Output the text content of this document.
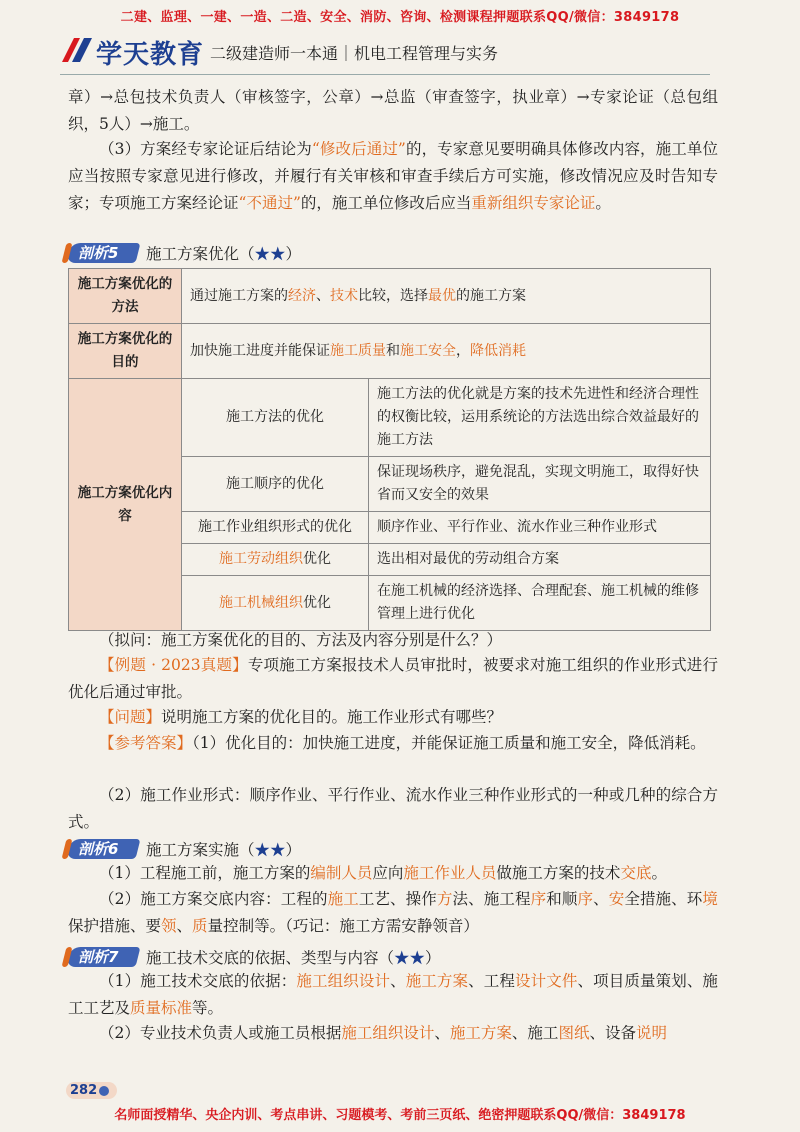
二建、监理、一建、一造、二造、安全、消防、咨询、检测课程押题联系QQ/微信：3849178
学天教育 二级建造师一本通｜机电工程管理与实务
章）→总包技术负责人（审核签字，公章）→总监（审查签字，执业章）→专家论证（总包组织，5人）→施工。
（3）方案经专家论证后结论为“修改后通过”的，专家意见要明确具体修改内容，施工单位应当按照专家意见进行修改，并履行有关审核和审查手续后方可实施，修改情况应及时告知专家；专项施工方案经论证“不通过”的，施工单位修改后应当重新组织专家论证。
剖析5 施工方案优化（★★）
施工方案优化的方法	通过施工方案的经济、技术比较，选择最优的施工方案	
施工方案优化的目的	加快施工进度并能保证施工质量和施工安全，降低消耗	
施工方案优化内容	施工方法的优化	施工方法的优化就是方案的技术先进性和经济合理性的权衡比较，运用系统论的方法选出综合效益最好的施工方法
	施工顺序的优化	保证现场秩序，避免混乱，实现文明施工，取得好快省而又安全的效果
	施工作业组织形式的优化	顺序作业、平行作业、流水作业三种作业形式
	施工劳动组织优化	选出相对最优的劳动组合方案
	施工机械组织优化	在施工机械的经济选择、合理配套、施工机械的维修管理上进行优化
（拟问：施工方案优化的目的、方法及内容分别是什么？）
【例题 · 2023真题】专项施工方案报技术人员审批时，被要求对施工组织的作业形式进行优化后通过审批。
【问题】说明施工方案的优化目的。施工作业形式有哪些？
【参考答案】（1）优化目的：加快施工进度，并能保证施工质量和施工安全，降低消耗。
（2）施工作业形式：顺序作业、平行作业、流水作业三种作业形式的一种或几种的综合方式。
剖析6 施工方案实施（★★）
（1）工程施工前，施工方案的编制人员应向施工作业人员做施工方案的技术交底。
（2）施工方案交底内容：工程的施工工艺、操作方法、施工程序和顺序、安全措施、环境保护措施、要领、质量控制等。（巧记：施工方需安静领音）
剖析7 施工技术交底的依据、类型与内容（★★）
（1）施工技术交底的依据：施工组织设计、施工方案、工程设计文件、项目质量策划、施工工艺及质量标准等。
（2）专业技术负责人或施工员根据施工组织设计、施工方案、施工图纸、设备说明
282
名师面授精华、央企内训、考点串讲、习题模考、考前三页纸、绝密押题联系QQ/微信：3849178
